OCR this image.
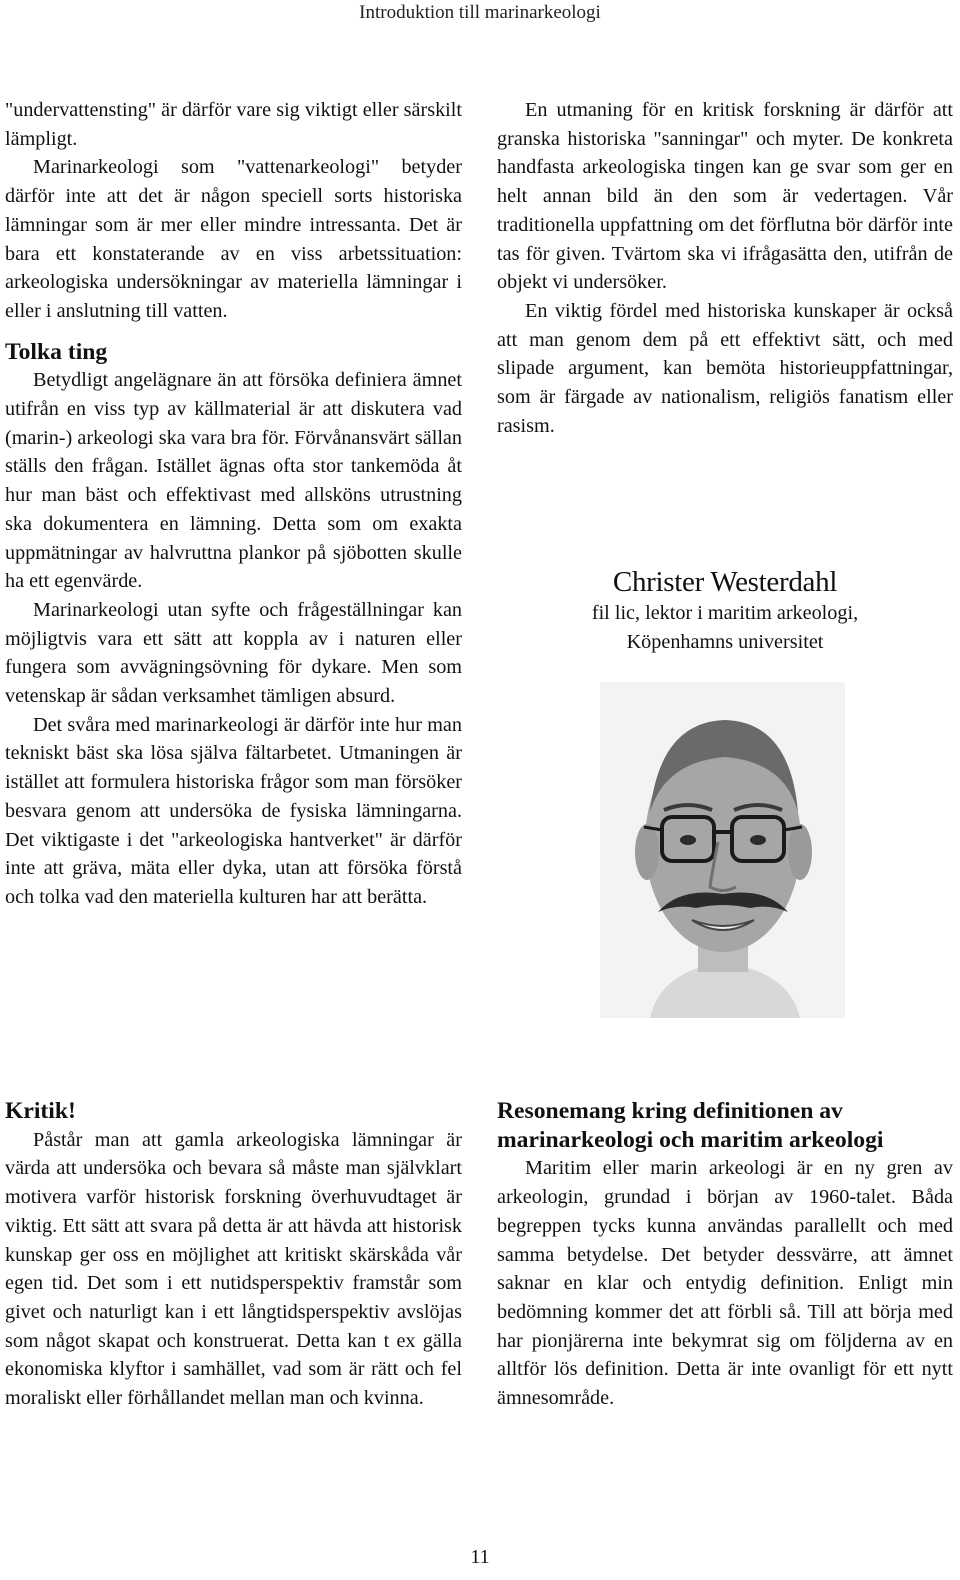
Introduktion till marinarkeologi

"undervattensting" är därför vare sig viktigt eller särskilt lämpligt.

Marinarkeologi som "vattenarkeologi" betyder därför inte att det är någon speciell sorts historiska lämningar som är mer eller mindre intressanta. Det är bara ett konstaterande av en viss arbetssituation: arkeologiska undersökningar av materiella lämningar i eller i anslutning till vatten.

Tolka ting

Betydligt angelägnare än att försöka definiera ämnet utifrån en viss typ av källmaterial är att diskutera vad (marin-) arkeologi ska vara bra för. Förvånansvärt sällan ställs den frågan. Istället ägnas ofta stor tankemöda åt hur man bäst och effektivast med allsköns utrustning ska dokumentera en lämning. Detta som om exakta uppmätningar av halvruttna plankor på sjöbotten skulle ha ett egenvärde.

Marinarkeologi utan syfte och frågeställningar kan möjligtvis vara ett sätt att koppla av i naturen eller fungera som avvägningsövning för dykare. Men som vetenskap är sådan verksamhet tämligen absurd.

Det svåra med marinarkeologi är därför inte hur man tekniskt bäst ska lösa själva fältarbetet. Utmaningen är istället att formulera historiska frågor som man försöker besvara genom att undersöka de fysiska lämningarna. Det viktigaste i det "arkeologiska hantverket" är därför inte att gräva, mäta eller dyka, utan att försöka förstå och tolka vad den materiella kulturen har att berätta.

En utmaning för en kritisk forskning är därför att granska historiska "sanningar" och myter. De konkreta handfasta arkeologiska tingen kan ge svar som ger en helt annan bild än den som är vedertagen. Vår traditionella uppfattning om det förflutna bör därför inte tas för given. Tvärtom ska vi ifrågasätta den, utifrån de objekt vi undersöker.

En viktig fördel med historiska kunskaper är också att man genom dem på ett effektivt sätt, och med slipade argument, kan bemöta historieuppfattningar, som är färgade av nationalism, religiös fanatism eller rasism.

Christer Westerdahl
fil lic, lektor i maritim arkeologi,
Köpenhamns universitet
Kritik!

Påstår man att gamla arkeologiska lämningar är värda att undersöka och bevara så måste man självklart motivera varför historisk forskning överhuvudtaget är viktig. Ett sätt att svara på detta är att hävda att historisk kunskap ger oss en möjlighet att kritiskt skärskåda vår egen tid. Det som i ett nutidsperspektiv framstår som givet och naturligt kan i ett långtidsperspektiv avslöjas som något skapat och konstruerat. Detta kan t ex gälla ekonomiska klyftor i samhället, vad som är rätt och fel moraliskt eller förhållandet mellan man och kvinna.

Resonemang kring definitionen av marinarkeologi och maritim arkeologi

Maritim eller marin arkeologi är en ny gren av arkeologin, grundad i början av 1960-talet. Båda begreppen tycks kunna användas parallellt och med samma betydelse. Det betyder dessvärre, att ämnet saknar en klar och entydig definition. Enligt min bedömning kommer det att förbli så. Till att börja med har pionjärerna inte bekymrat sig om följderna av en alltför lös definition. Detta är inte ovanligt för ett nytt ämnesområde.

11
